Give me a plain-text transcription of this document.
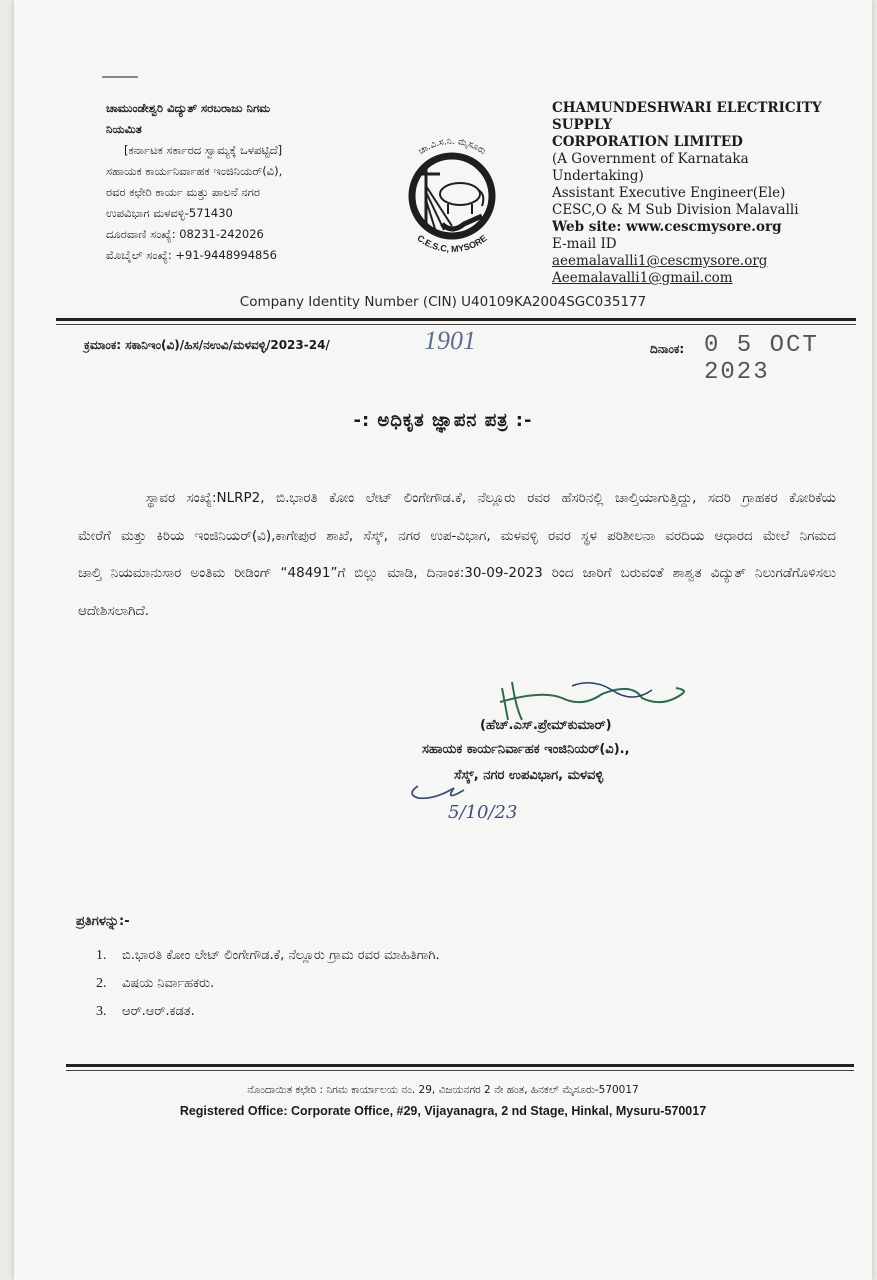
ಚಾಮುಂಡೇಶ್ವರಿ ವಿದ್ಯುತ್ ಸರಬರಾಜು ನಿಗಮ
ನಿಯಮಿತ
[ಕರ್ನಾಟಕ ಸರ್ಕಾರದ ಸ್ವಾಮ್ಯಕ್ಕೆ ಒಳಪಟ್ಟಿದೆ]
ಸಹಾಯಕ ಕಾರ್ಯನಿರ್ವಾಹಕ ಇಂಜಿನಿಯರ್(ವಿ),
ರವರ ಕಛೇರಿ ಕಾರ್ಯ ಮತ್ತು ಪಾಲನೆ ನಗರ
ಉಪವಿಭಾಗ ಮಳವಳ್ಳಿ-571430
ದೂರವಾಣಿ ಸಂಖ್ಯೆ: 08231-242026
ಮೊಬೈಲ್ ಸಂಖ್ಯೆ: +91-9448994856
ಚಾ.ವಿ.ಸ.ನಿ. ಮೈಸೂರು
C.E.S.C, MYSORE
CHAMUNDESHWARI ELECTRICITY SUPPLY
CORPORATION LIMITED
(A Government of Karnataka
Undertaking)
Assistant Executive Engineer(Ele)
CESC,O & M Sub Division Malavalli
Web site: www.cescmysore.org
E-mail ID
aeemalavalli1@cescmysore.org
Aeemalavalli1@gmail.com
Company Identity Number (CIN) U40109KA2004SGC035177
ಕ್ರಮಾಂಕ: ಸಕಾನಿಇಂ(ವಿ)/ಹಿಸ/ನಉವಿ/ಮಳವಳ್ಳಿ/2023-24/	1901	ದಿನಾಂಕ: 0 5 OCT 2023
-: ಅಧಿಕೃತ ಜ್ಞಾಪನ ಪತ್ರ :-
ಸ್ಥಾವರ ಸಂಖ್ಯೆ:NLRP2, ಬಿ.ಭಾರತಿ ಕೋಂ ಲೇಟ್ ಲಿಂಗೇಗೌಡ.ಕೆ, ನೆಲ್ಲೂರು ರವರ ಹೆಸರಿನಲ್ಲಿ ಚಾಲ್ತಿಯಾಗುತ್ತಿದ್ದು, ಸದರಿ ಗ್ರಾಹಕರ ಕೋರಿಕೆಯ ಮೇರೆಗೆ ಮತ್ತು ಕಿರಿಯ ಇಂಜಿನಿಯರ್(ವಿ),ಕಾಗೇಪುರ ಶಾಖೆ, ಸೆಸ್ಕ್, ನಗರ ಉಪ-ವಿಭಾಗ, ಮಳವಳ್ಳಿ ರವರ ಸ್ಥಳ ಪರಿಶೀಲನಾ ವರದಿಯ ಆಧಾರದ ಮೇಲೆ ನಿಗಮದ ಚಾಲ್ತಿ ನಿಯಮಾನುಸಾರ ಅಂತಿಮ ರೀಡಿಂಗ್ “48491”ಗೆ ಬಿಲ್ಲು ಮಾಡಿ, ದಿನಾಂಕ:30-09-2023 ರಿಂದ ಜಾರಿಗೆ ಬರುವಂತೆ ಶಾಶ್ವತ ವಿದ್ಯುತ್ ನಿಲುಗಡೆಗೊಳಿಸಲು ಆದೇಶಿಸಲಾಗಿದೆ.
(ಹೆಚ್.ಎಸ್.ಪ್ರೇಮ್‌ಕುಮಾರ್)
ಸಹಾಯಕ ಕಾರ್ಯನಿರ್ವಾಹಕ ಇಂಜಿನಿಯರ್(ವಿ).,
ಸೆಸ್ಕ್, ನಗರ ಉಪವಿಭಾಗ, ಮಳವಳ್ಳಿ
5/10/23
ಪ್ರತಿಗಳನ್ನು:-
1. ಬಿ.ಭಾರತಿ ಕೋಂ ಲೇಟ್ ಲಿಂಗೇಗೌಡ.ಕೆ, ನೆಲ್ಲೂರು ಗ್ರಾಮ ರವರ ಮಾಹಿತಿಗಾಗಿ.
2. ವಿಷಯ ನಿರ್ವಾಹಕರು.
3. ಆರ್.ಆರ್.ಕಡತ.
ನೊಂದಾಯಿತ ಕಛೇರಿ : ನಿಗಮ ಕಾರ್ಯಾಲಯ ನಂ. 29, ವಿಜಯನಗರ 2 ನೇ ಹಂತ, ಹಿನಕಲ್ ಮೈಸೂರು-570017
Registered Office: Corporate Office, #29, Vijayanagra, 2 nd Stage, Hinkal, Mysuru-570017
